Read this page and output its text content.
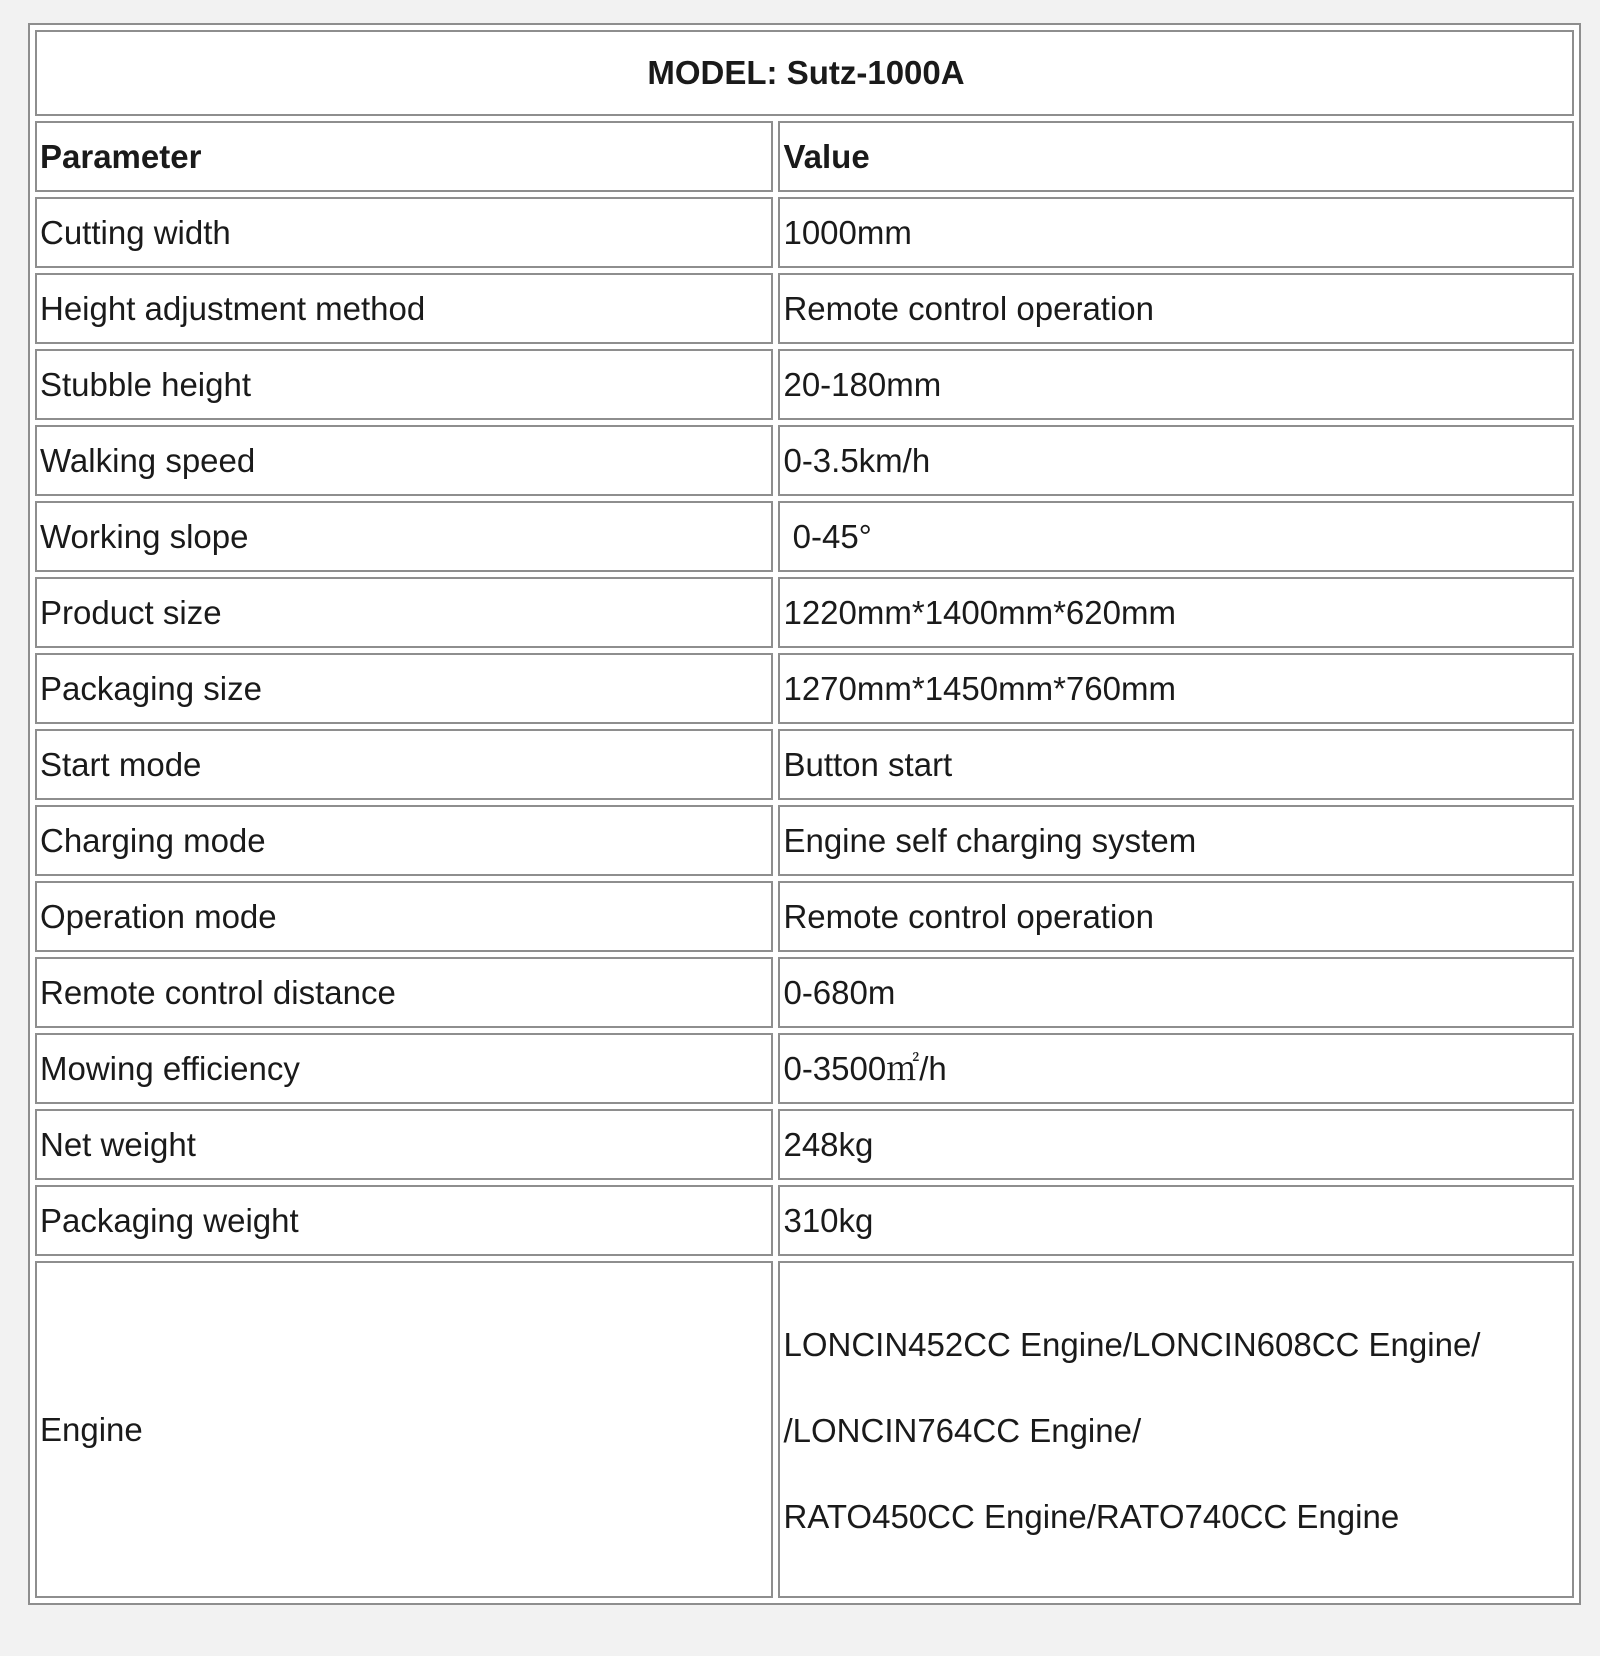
MODEL: Sutz-1000A	
Parameter	Value
Cutting width	1000mm
Height adjustment method	Remote control operation
Stubble height	20-180mm
Walking speed	0-3.5km/h
Working slope	0-45°
Product size	1220mm*1400mm*620mm
Packaging size	1270mm*1450mm*760mm
Start mode	Button start
Charging mode	Engine self charging system
Operation mode	Remote control operation
Remote control distance	0-680m
Mowing efficiency	0-3500㎡/h
Net weight	248kg
Packaging weight	310kg
Engine	LONCIN452CC Engine/LONCIN608CC Engine/
/LONCIN764CC Engine/
RATO450CC Engine/RATO740CC Engine
